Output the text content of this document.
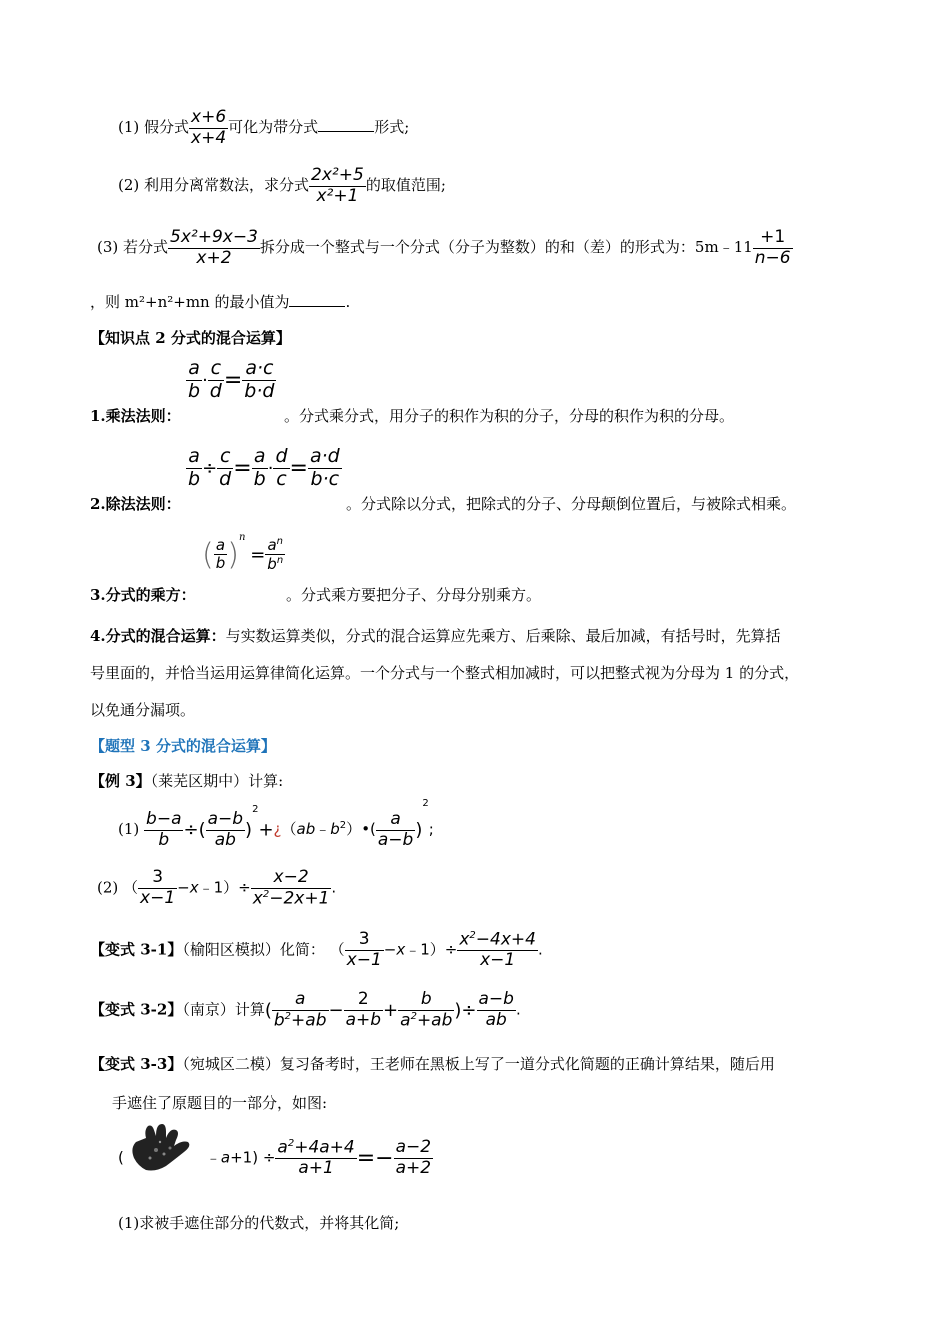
(1) 假分式 $\frac{x+6}{x+4}$ 可化为带分式	形式;
(2) 利用分离常数法，求分式 $\frac{\text{2x²+5}}{\text{x²+1}}$ 的取值范围;
(3) 若分式 $\frac{\text{5x²+9x−3}}{x+2}$ 拆分成一个整式与一个分式（分子为整数）的和（差）的形式为：5m﹣11 $\frac{+1}{n-6}$
，则 m²+n²+mn 的最小值为	.
【知识点 2 分式的混合运算】
$\frac{a}{b} \cdot \frac{c}{d} = \frac{a\cdot c}{b\cdot d}$
1.乘法法则：	。分式乘分式，用分子的积作为积的分子，分母的积作为积的分母。
$\frac{a}{b} \div \frac{c}{d} = \frac{a}{b} \cdot \frac{d}{c} = \frac{a\cdot d}{b\cdot c}$
2.除法法则：	。分式除以分式，把除式的分子、分母颠倒位置后，与被除式相乘。
( $\frac{a}{b} )^n = \frac{a^n}{b^n}$
3.分式的乘方：	。分式乘方要把分子、分母分别乘方。
4.分式的混合运算：与实数运算类似，分式的混合运算应先乘方、后乘除、最后加减，有括号时，先算括
号里面的，并恰当运用运算律简化运算。一个分式与一个整式相加减时，可以把整式视为分母为 1 的分式，
以免通分漏项。
【题型 3 分式的混合运算】
【例 3】（莱芜区期中）计算:
$(1) \frac{b-a}{b}$ ÷( $\frac{a-b}{ab}$ )$^2+¿(ab﹣b^2)•( \frac{a}{a-b} )^2$;
(2) （ $\frac{3}{x-1}$ −x﹣1）÷ $\frac{x-2}{x^2-2x+1}$ .
【变式 3-1】（榆阳区模拟）化简： （ $\frac{3}{x-1}$ −x﹣1）÷ $\frac{x^2-4x+4}{x-1}$ .
【变式 3-2】（南京）计算( $\frac{a}{b^2+ab} - \frac{2}{a+b} + \frac{b}{a^2+ab}$ )÷ $\frac{a-b}{ab}$ .
【变式 3-3】（宛城区二模）复习备考时，王老师在黑板上写了一道分式化简题的正确计算结果，随后用
手遮住了原题目的一部分，如图:
(	﹣a+1) ÷ $\frac{a^2+4a+4}{a+1} =- \frac{a-2}{a+2}$
(1)求被手遮住部分的代数式，并将其化简;
